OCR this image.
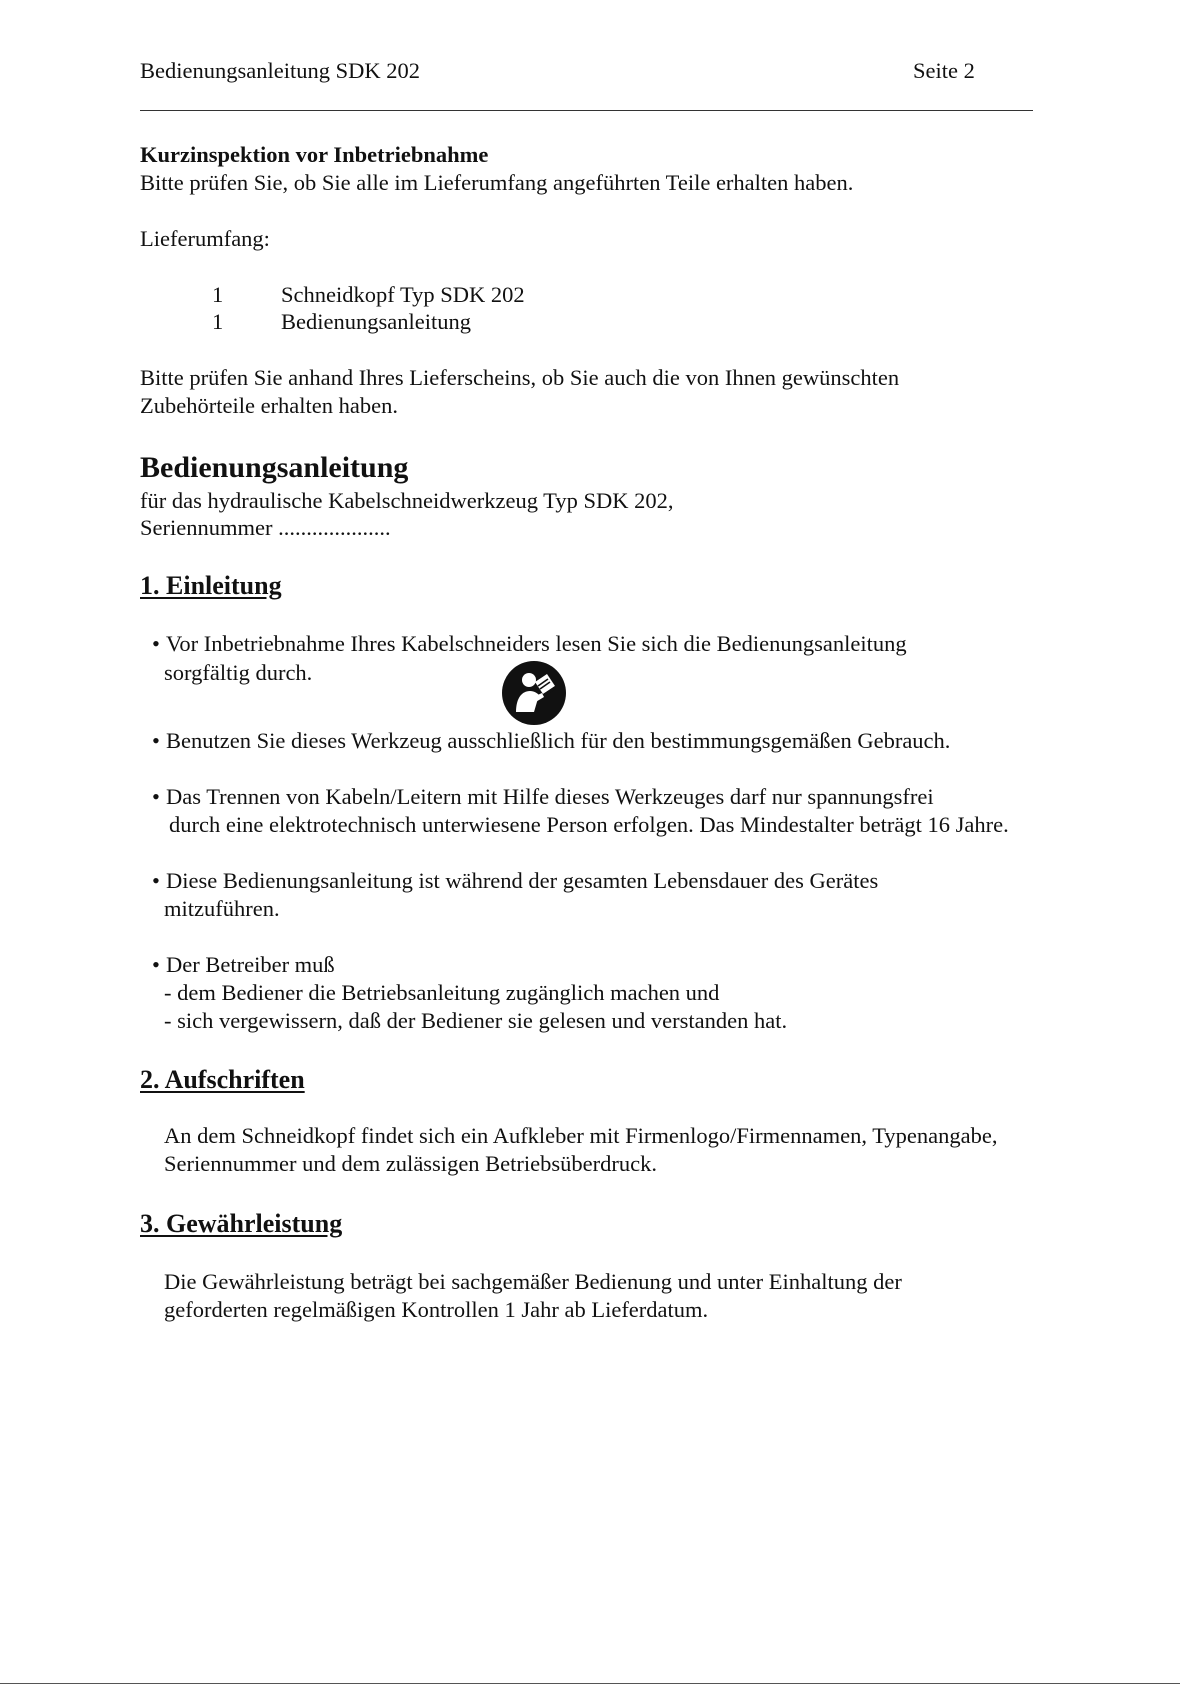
Bedienungsanleitung SDK 202	Seite 2
Kurzinspektion vor Inbetriebnahme
Bitte prüfen Sie, ob Sie alle im Lieferumfang angeführten Teile erhalten haben.
Lieferumfang:
1	Schneidkopf Typ SDK 202
1	Bedienungsanleitung
Bitte prüfen Sie anhand Ihres Lieferscheins, ob Sie auch die von Ihnen gewünschten
Zubehörteile erhalten haben.
Bedienungsanleitung
für das hydraulische Kabelschneidwerkzeug Typ SDK 202,
Seriennummer ....................
1. Einleitung
• Vor Inbetriebnahme Ihres Kabelschneiders lesen Sie sich die Bedienungsanleitung
sorgfältig durch.
• Benutzen Sie dieses Werkzeug ausschließlich für den bestimmungsgemäßen Gebrauch.
• Das Trennen von Kabeln/Leitern mit Hilfe dieses Werkzeuges darf nur spannungsfrei
durch eine elektrotechnisch unterwiesene Person erfolgen. Das Mindestalter beträgt 16 Jahre.
• Diese Bedienungsanleitung ist während der gesamten Lebensdauer des Gerätes
mitzuführen.
• Der Betreiber muß
- dem Bediener die Betriebsanleitung zugänglich machen und
- sich vergewissern, daß der Bediener sie gelesen und verstanden hat.
2. Aufschriften
An dem Schneidkopf findet sich ein Aufkleber mit Firmenlogo/Firmennamen, Typenangabe,
Seriennummer und dem zulässigen Betriebsüberdruck.
3. Gewährleistung
Die Gewährleistung beträgt bei sachgemäßer Bedienung und unter Einhaltung der
geforderten regelmäßigen Kontrollen 1 Jahr ab Lieferdatum.
